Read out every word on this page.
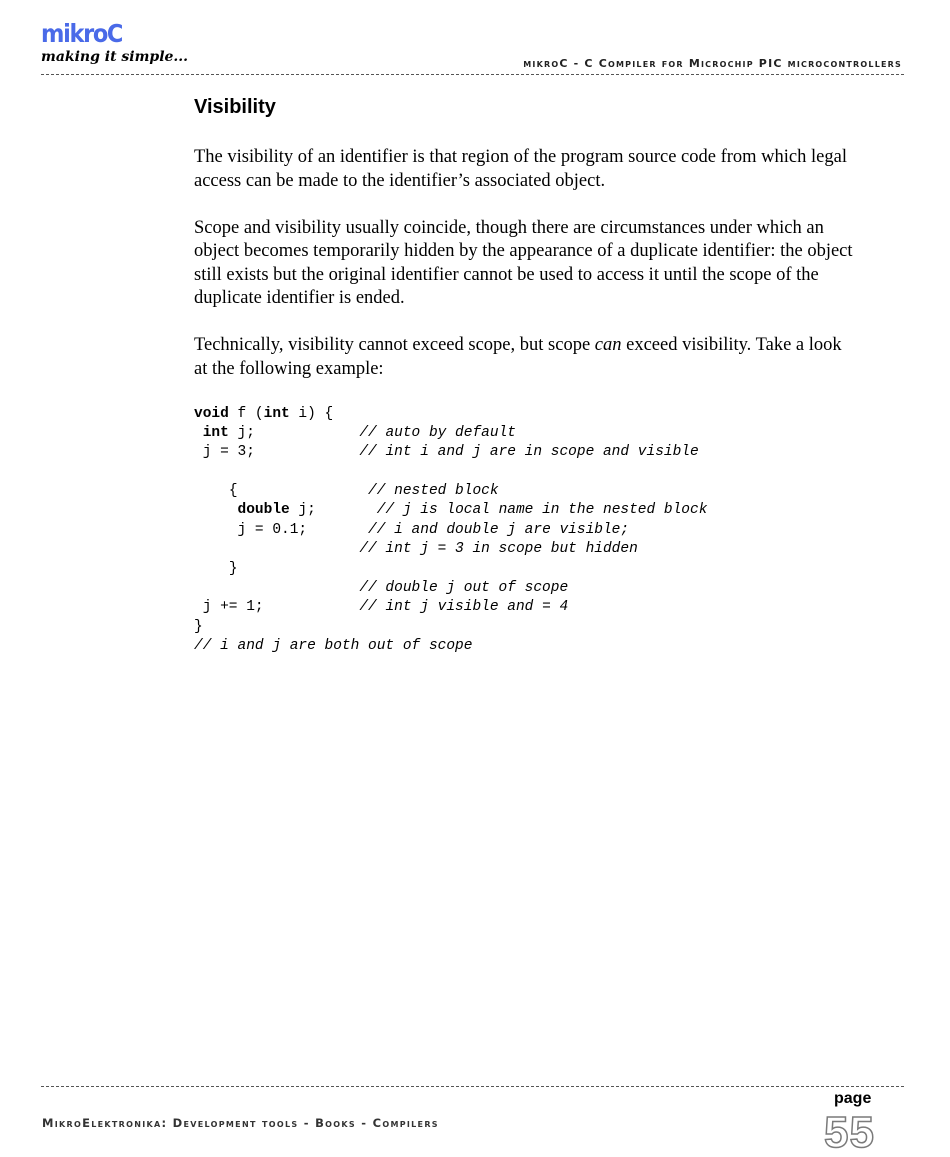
mikroC
making it simple...	mikroC - C Compiler for Microchip PIC microcontrollers
Visibility

The visibility of an identifier is that region of the program source code from which legal access can be made to the identifier’s associated object.

Scope and visibility usually coincide, though there are circumstances under which an object becomes temporarily hidden by the appearance of a duplicate identifier: the object still exists but the original identifier cannot be used to access it until the scope of the duplicate identifier is ended.

Technically, visibility cannot exceed scope, but scope can exceed visibility. Take a look at the following example:

void f (int i) {
int j;            // auto by default
j = 3;            // int i and j are in scope and visible
{               // nested block
double j;       // j is local name in the nested block
j = 0.1;       // i and double j are visible;
// int j = 3 in scope but hidden
}
// double j out of scope
j += 1;           // int j visible and = 4
}
// i and j are both out of scope
page
MikroElektronika: Development tools - Books - Compilers	55
